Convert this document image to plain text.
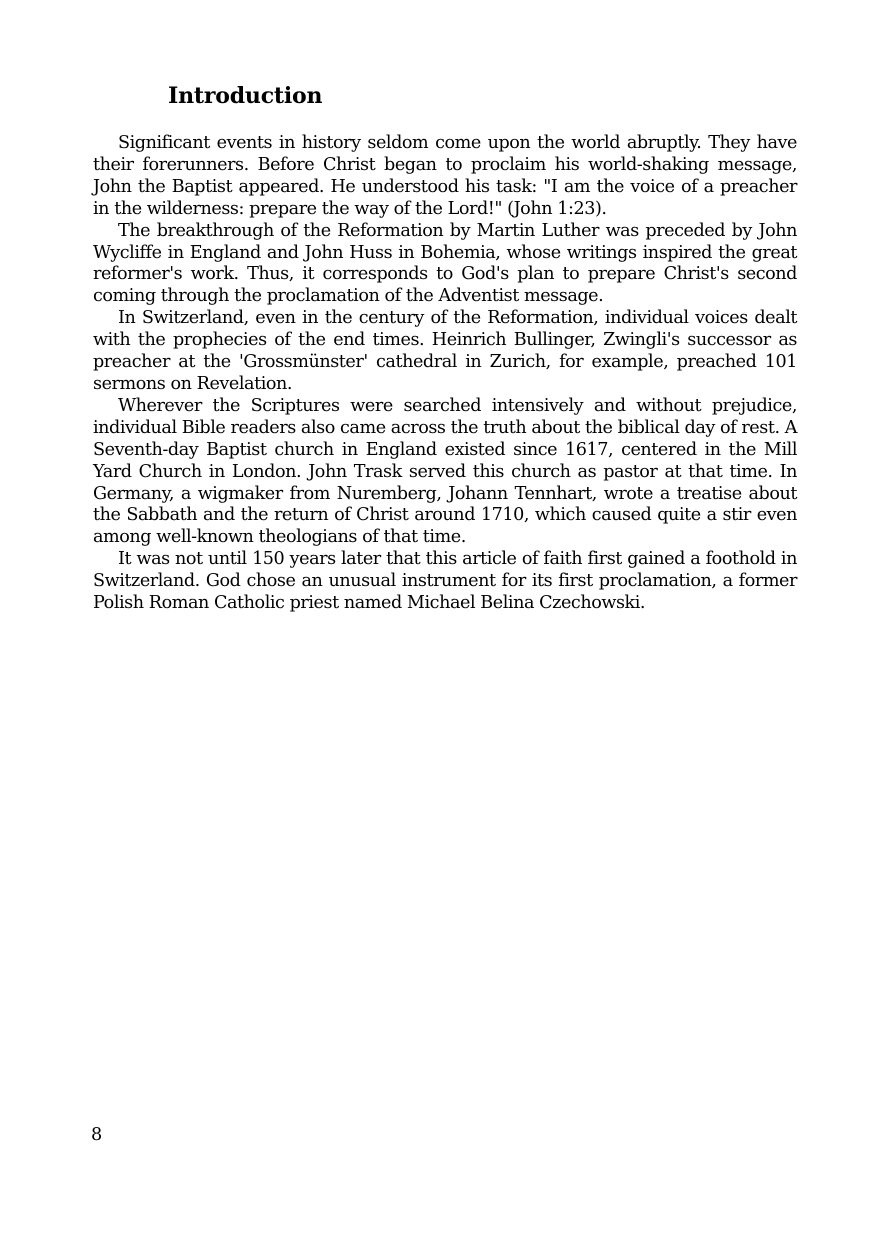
Introduction

Significant events in history seldom come upon the world abruptly. They have their forerunners. Before Christ began to proclaim his world-shaking message, John the Baptist appeared. He understood his task: "I am the voice of a preacher in the wilderness: prepare the way of the Lord!" (John 1:23).

The breakthrough of the Reformation by Martin Luther was preceded by John Wycliffe in England and John Huss in Bohemia, whose writings inspired the great reformer's work. Thus, it corresponds to God's plan to prepare Christ's second coming through the proclamation of the Adventist message.

In Switzerland, even in the century of the Reformation, individual voices dealt with the prophecies of the end times. Heinrich Bullinger, Zwingli's successor as preacher at the 'Grossmünster' cathedral in Zurich, for example, preached 101 sermons on Revelation.

Wherever the Scriptures were searched intensively and without prejudice, individual Bible readers also came across the truth about the biblical day of rest. A Seventh-day Baptist church in England existed since 1617, centered in the Mill Yard Church in London. John Trask served this church as pastor at that time. In Germany, a wigmaker from Nuremberg, Johann Tennhart, wrote a treatise about the Sabbath and the return of Christ around 1710, which caused quite a stir even among well-known theologians of that time.

It was not until 150 years later that this article of faith first gained a foothold in Switzerland. God chose an unusual instrument for its first proclamation, a former Polish Roman Catholic priest named Michael Belina Czechowski.

8
